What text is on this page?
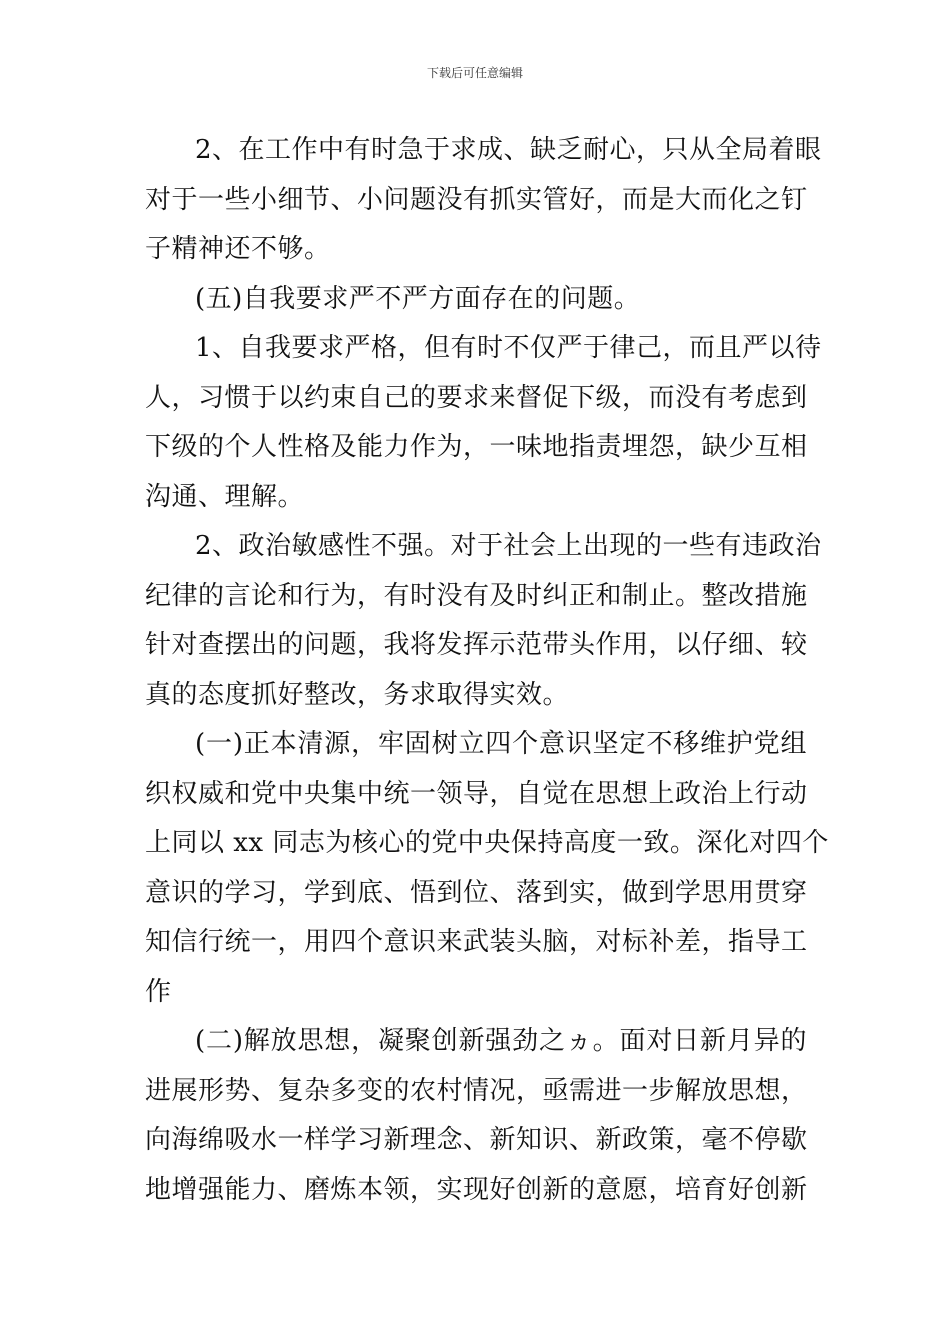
下载后可任意编辑
2、在工作中有时急于求成、缺乏耐心，只从全局着眼
对于一些小细节、小问题没有抓实管好，而是大而化之钉
子精神还不够。
(五)自我要求严不严方面存在的问题。
1、自我要求严格，但有时不仅严于律己，而且严以待
人，习惯于以约束自己的要求来督促下级，而没有考虑到
下级的个人性格及能力作为，一味地指责埋怨，缺少互相
沟通、理解。
2、政治敏感性不强。对于社会上出现的一些有违政治
纪律的言论和行为，有时没有及时纠正和制止。整改措施
针对查摆出的问题，我将发挥示范带头作用，以仔细、较
真的态度抓好整改，务求取得实效。
(一)正本清源，牢固树立四个意识坚定不移维护党组
织权威和党中央集中统一领导，自觉在思想上政治上行动
上同以 xx 同志为核心的党中央保持高度一致。深化对四个
意识的学习，学到底、悟到位、落到实，做到学思用贯穿
知信行统一，用四个意识来武装头脑，对标补差，指导工
作
(二)解放思想，凝聚创新强劲之ヵ。面对日新月异的
进展形势、复杂多变的农村情况，亟需进一步解放思想，
向海绵吸水一样学习新理念、新知识、新政策，毫不停歇
地增强能力、磨炼本领，实现好创新的意愿，培育好创新
